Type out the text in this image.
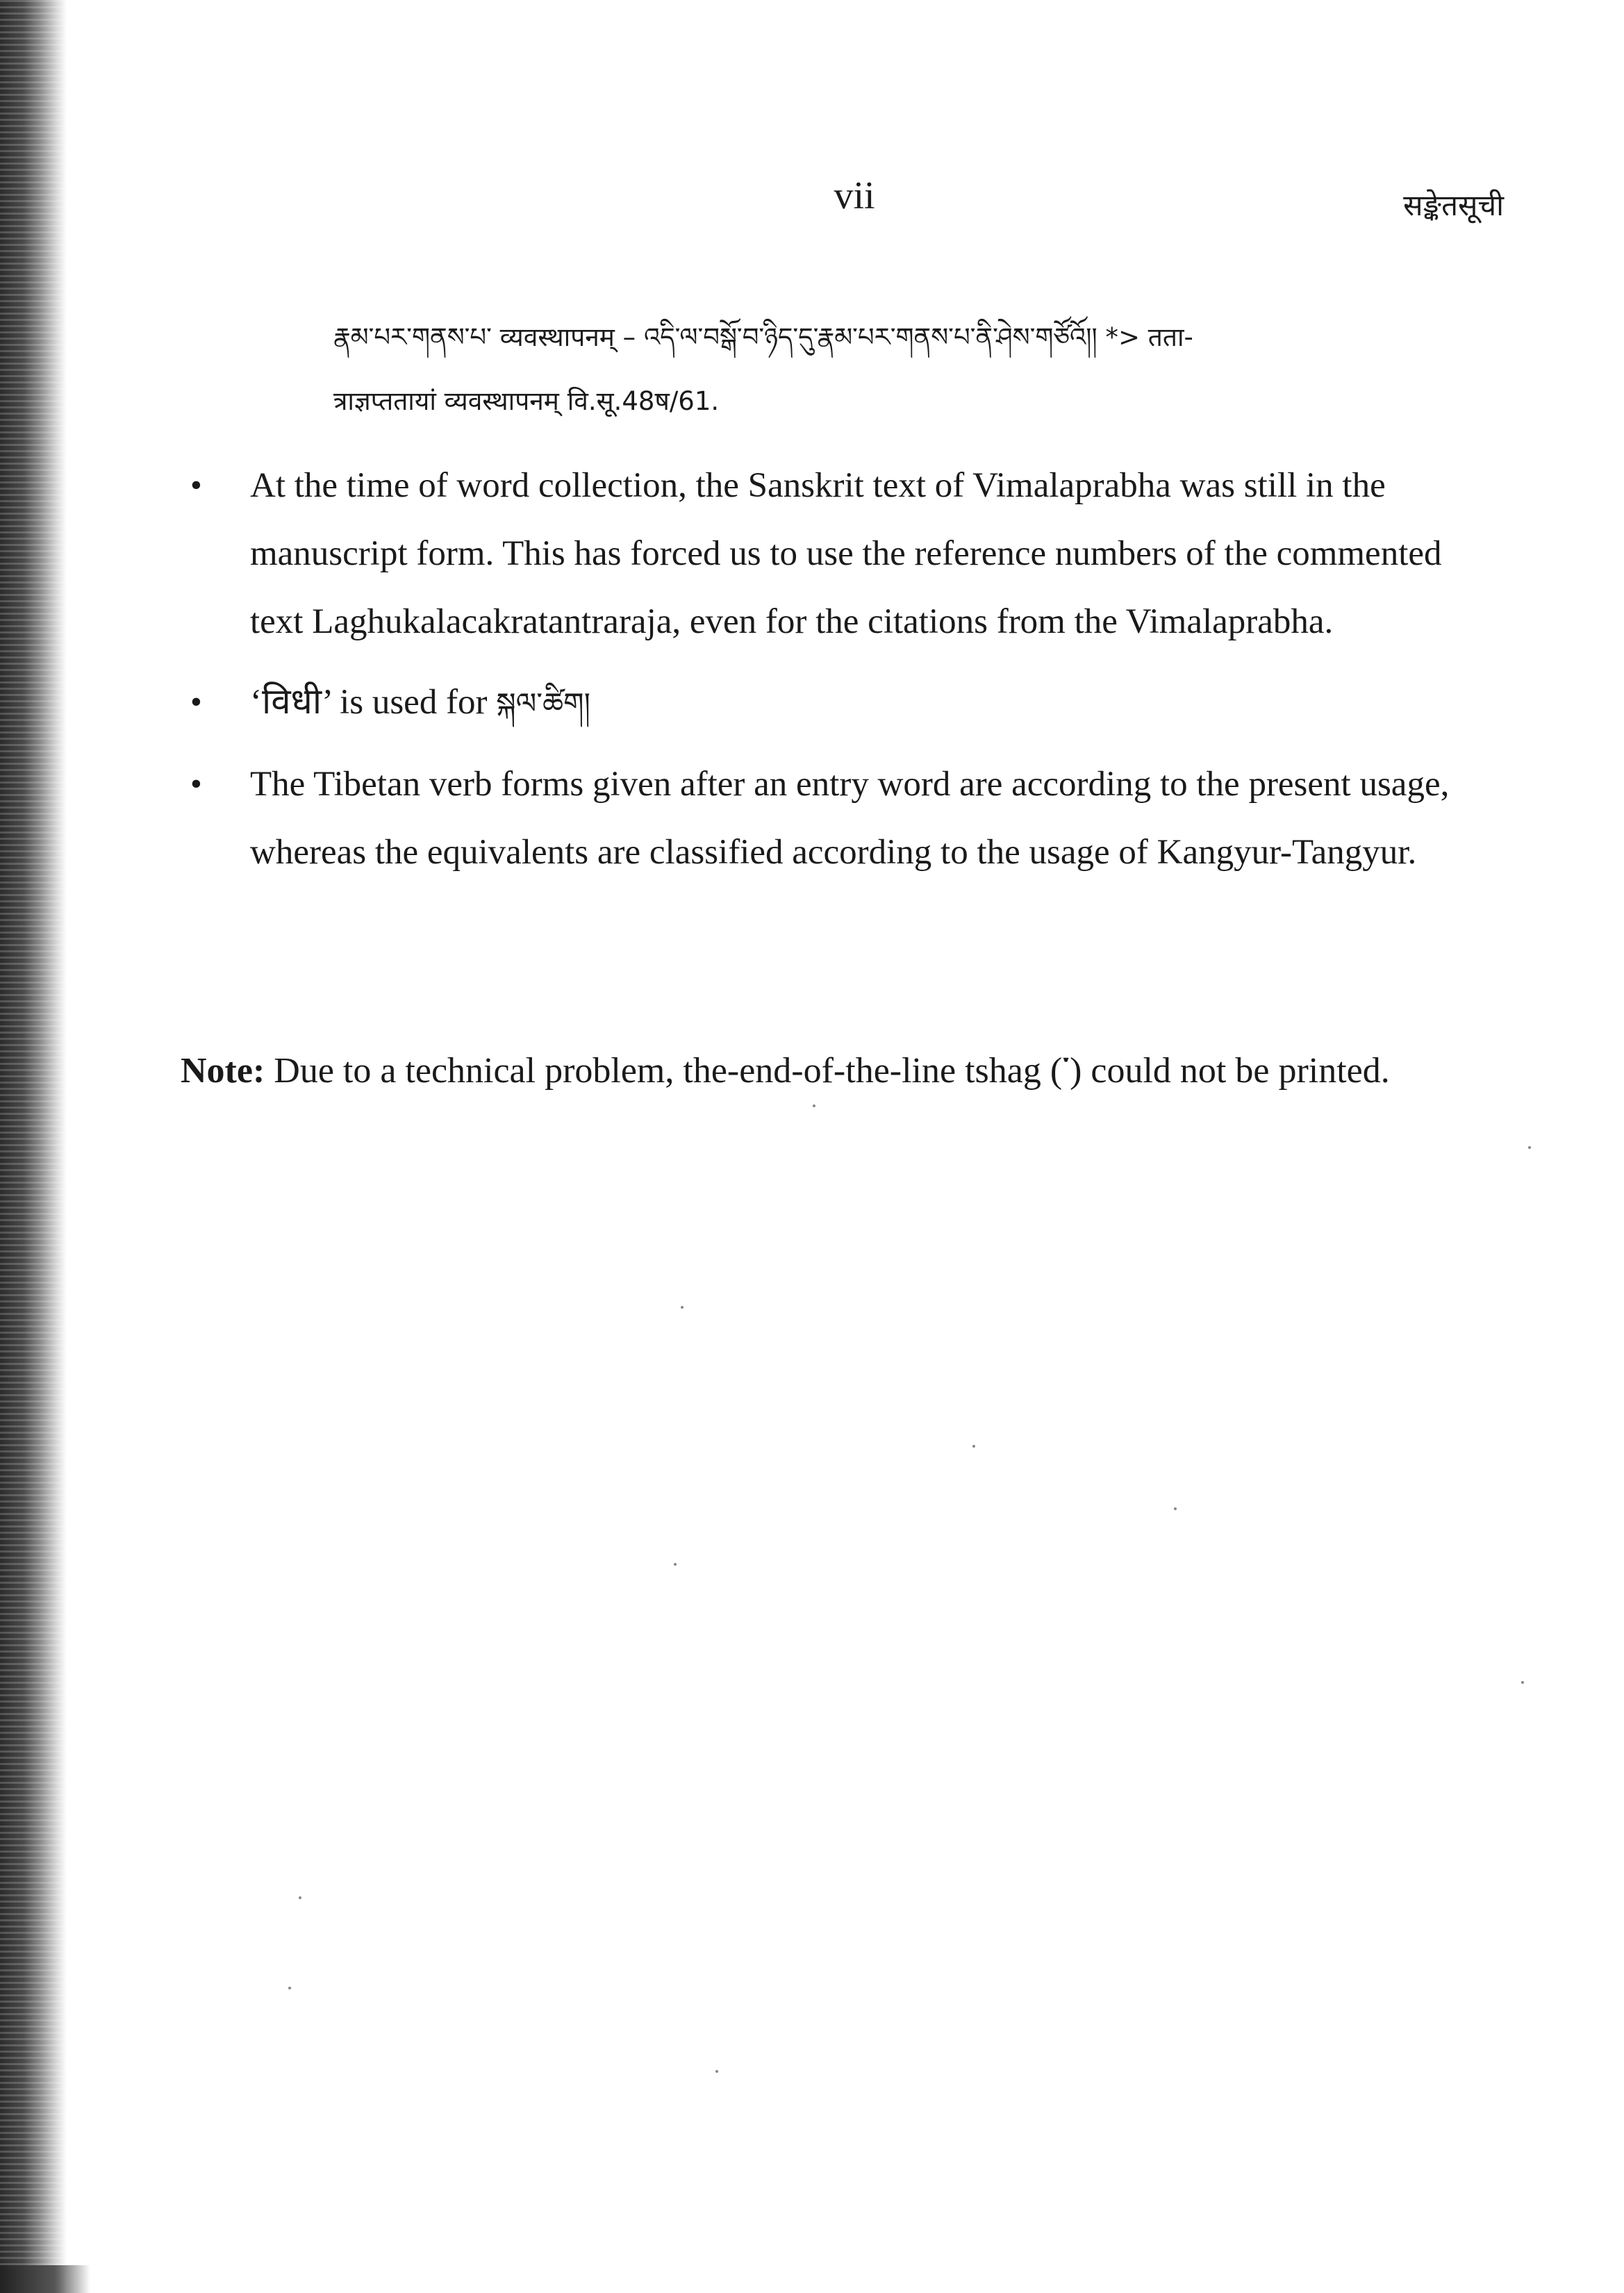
vii	सङ्केतसूची

རྣམ་པར་གནས་པ་ व्यवस्थापनम् – འདི་ལ་བསྒོ་བ་ཉིད་དུ་རྣམ་པར་གནས་པ་ནི་ཤེས་གཙོའོ།། *> तता-
त्राज्ञप्ततायां व्यवस्थापनम् वि.सू.48ष/61.
• At the time of word collection, the Sanskrit text of Vimalaprabha was still in the manuscript form. This has forced us to use the reference numbers of the commented text Laghukalacakratantraraja, even for the citations from the Vimalaprabha.
• ‘विधी’ is used for སྐལ་ཚིག།
• The Tibetan verb forms given after an entry word are according to the present usage, whereas the equivalents are classified according to the usage of Kangyur-Tangyur.

Note: Due to a technical problem, the-end-of-the-line tshag (་) could not be printed.
